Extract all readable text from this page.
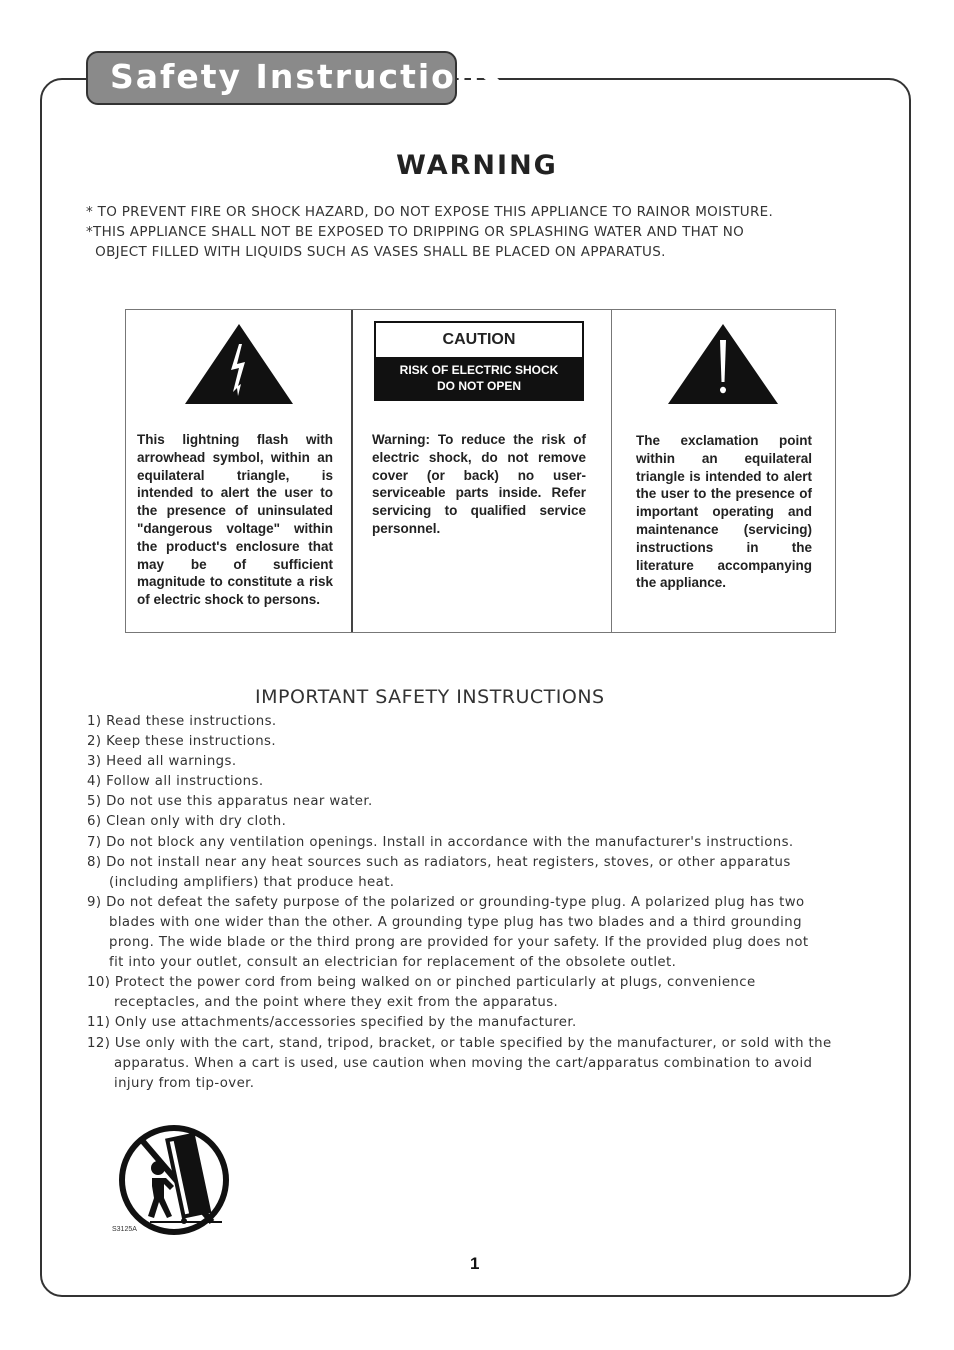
Safety Instructions
WARNING
* TO PREVENT FIRE OR SHOCK HAZARD, DO NOT EXPOSE THIS APPLIANCE TO RAINOR MOISTURE.
*THIS APPLIANCE SHALL NOT BE EXPOSED TO DRIPPING OR SPLASHING WATER AND THAT NO
OBJECT FILLED WITH LIQUIDS SUCH AS VASES SHALL BE PLACED ON APPARATUS.
CAUTION
RISK OF ELECTRIC SHOCK
DO NOT OPEN
This lightning flash with arrowhead symbol, within an equilateral triangle, is intended to alert the user to the presence of uninsulated "dangerous voltage" within the product's enclosure that may be of sufficient magnitude to constitute a risk of electric shock to persons.
Warning: To reduce the risk of electric shock, do not remove cover (or back) no user-serviceable parts inside. Refer servicing to qualified service personnel.
The exclamation point within an equilateral triangle is intended to alert the user to the presence of important operating and maintenance (servicing) instructions in the literature accompanying the appliance.
IMPORTANT SAFETY INSTRUCTIONS
1) Read these instructions.
2) Keep these instructions.
3) Heed all warnings.
4) Follow all instructions.
5) Do not use this apparatus near water.
6) Clean only with dry cloth.
7) Do not block any ventilation openings. Install in accordance with the manufacturer's instructions.
8) Do not install near any heat sources such as radiators, heat registers, stoves, or other apparatus
(including amplifiers) that produce heat.
9) Do not defeat the safety purpose of the polarized or grounding-type plug. A polarized plug has two
blades with one wider than the other. A grounding type plug has two blades and a third grounding
prong. The wide blade or the third prong are provided for your safety. If the provided plug does not
fit into your outlet, consult an electrician for replacement of the obsolete outlet.
10) Protect the power cord from being walked on or pinched particularly at plugs, convenience
receptacles, and the point where they exit from the apparatus.
11) Only use attachments/accessories specified by the manufacturer.
12) Use only with the cart, stand, tripod, bracket, or table specified by the manufacturer, or sold with the
apparatus. When a cart is used, use caution when moving the cart/apparatus combination to avoid
injury from tip-over.
S3125A
1
